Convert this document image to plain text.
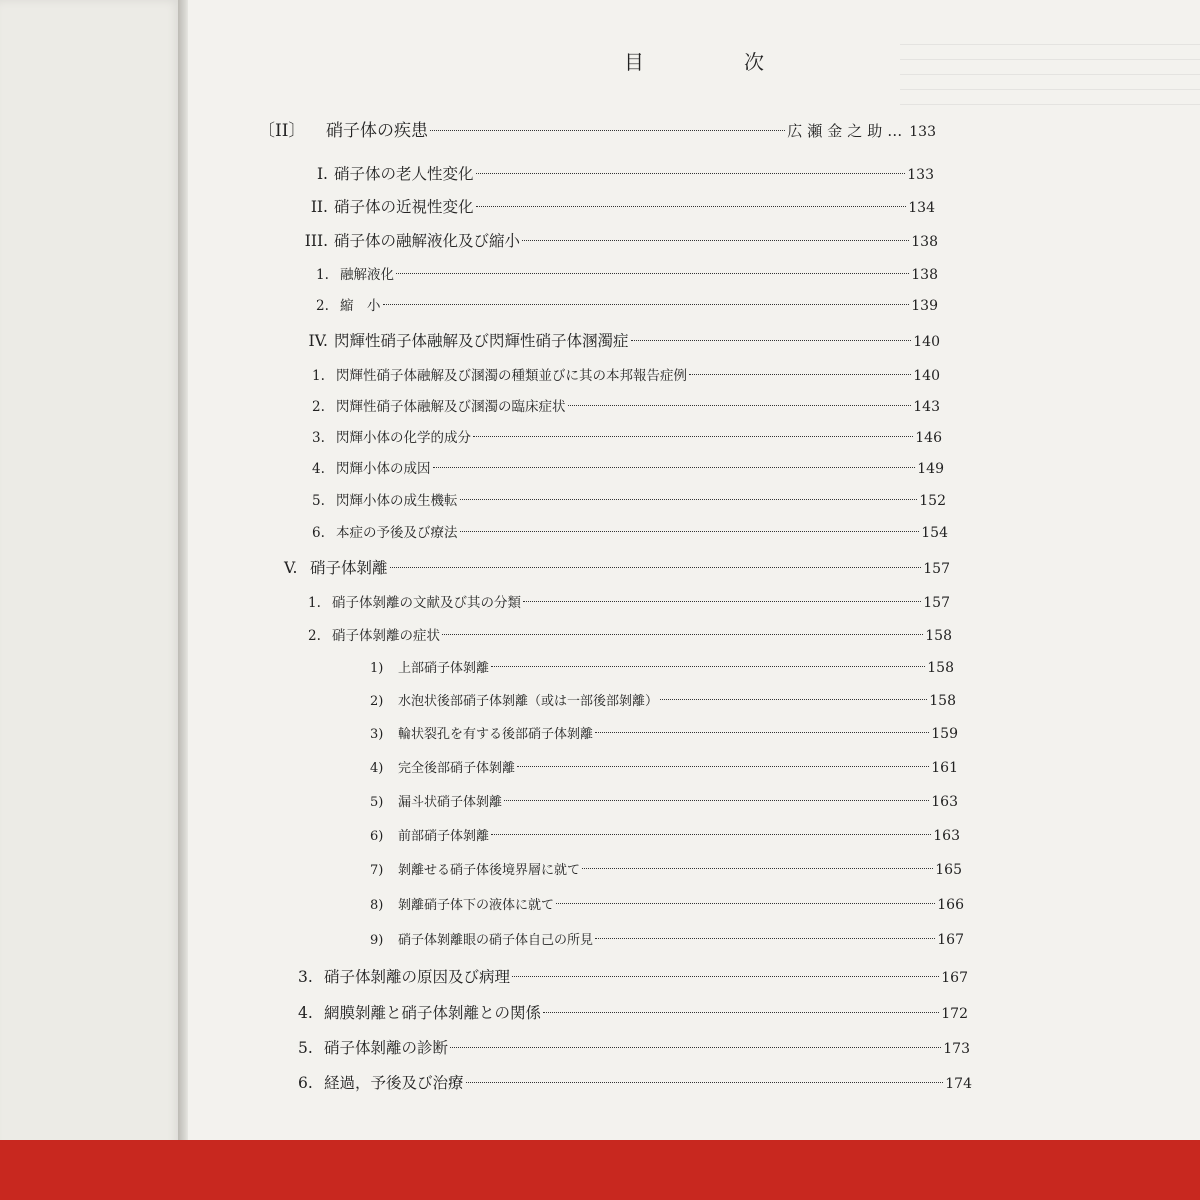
目　次
〔II〕 硝子体の疾患	広瀬金之助… 133
I. 硝子体の老人性変化	133
II. 硝子体の近視性変化	134
III. 硝子体の融解液化及び縮小	138
1. 融解液化	138
2. 縮　小	139
IV. 閃輝性硝子体融解及び閃輝性硝子体溷濁症	140
1. 閃輝性硝子体融解及び溷濁の種類並びに其の本邦報告症例	140
2. 閃輝性硝子体融解及び溷濁の臨床症状	143
3. 閃輝小体の化学的成分	146
4. 閃輝小体の成因	149
5. 閃輝小体の成生機転	152
6. 本症の予後及び療法	154
V. 硝子体剝離	157
1. 硝子体剝離の文献及び其の分類	157
2. 硝子体剝離の症状	158
1) 上部硝子体剝離	158
2) 水泡状後部硝子体剝離（或は一部後部剝離）	158
3) 輪状裂孔を有する後部硝子体剝離	159
4) 完全後部硝子体剝離	161
5) 漏斗状硝子体剝離	163
6) 前部硝子体剝離	163
7) 剝離せる硝子体後境界層に就て	165
8) 剝離硝子体下の液体に就て	166
9) 硝子体剝離眼の硝子体自己の所見	167
3. 硝子体剝離の原因及び病理	167
4. 網膜剝離と硝子体剝離との関係	172
5. 硝子体剝離の診断	173
6. 経過，予後及び治療	174
